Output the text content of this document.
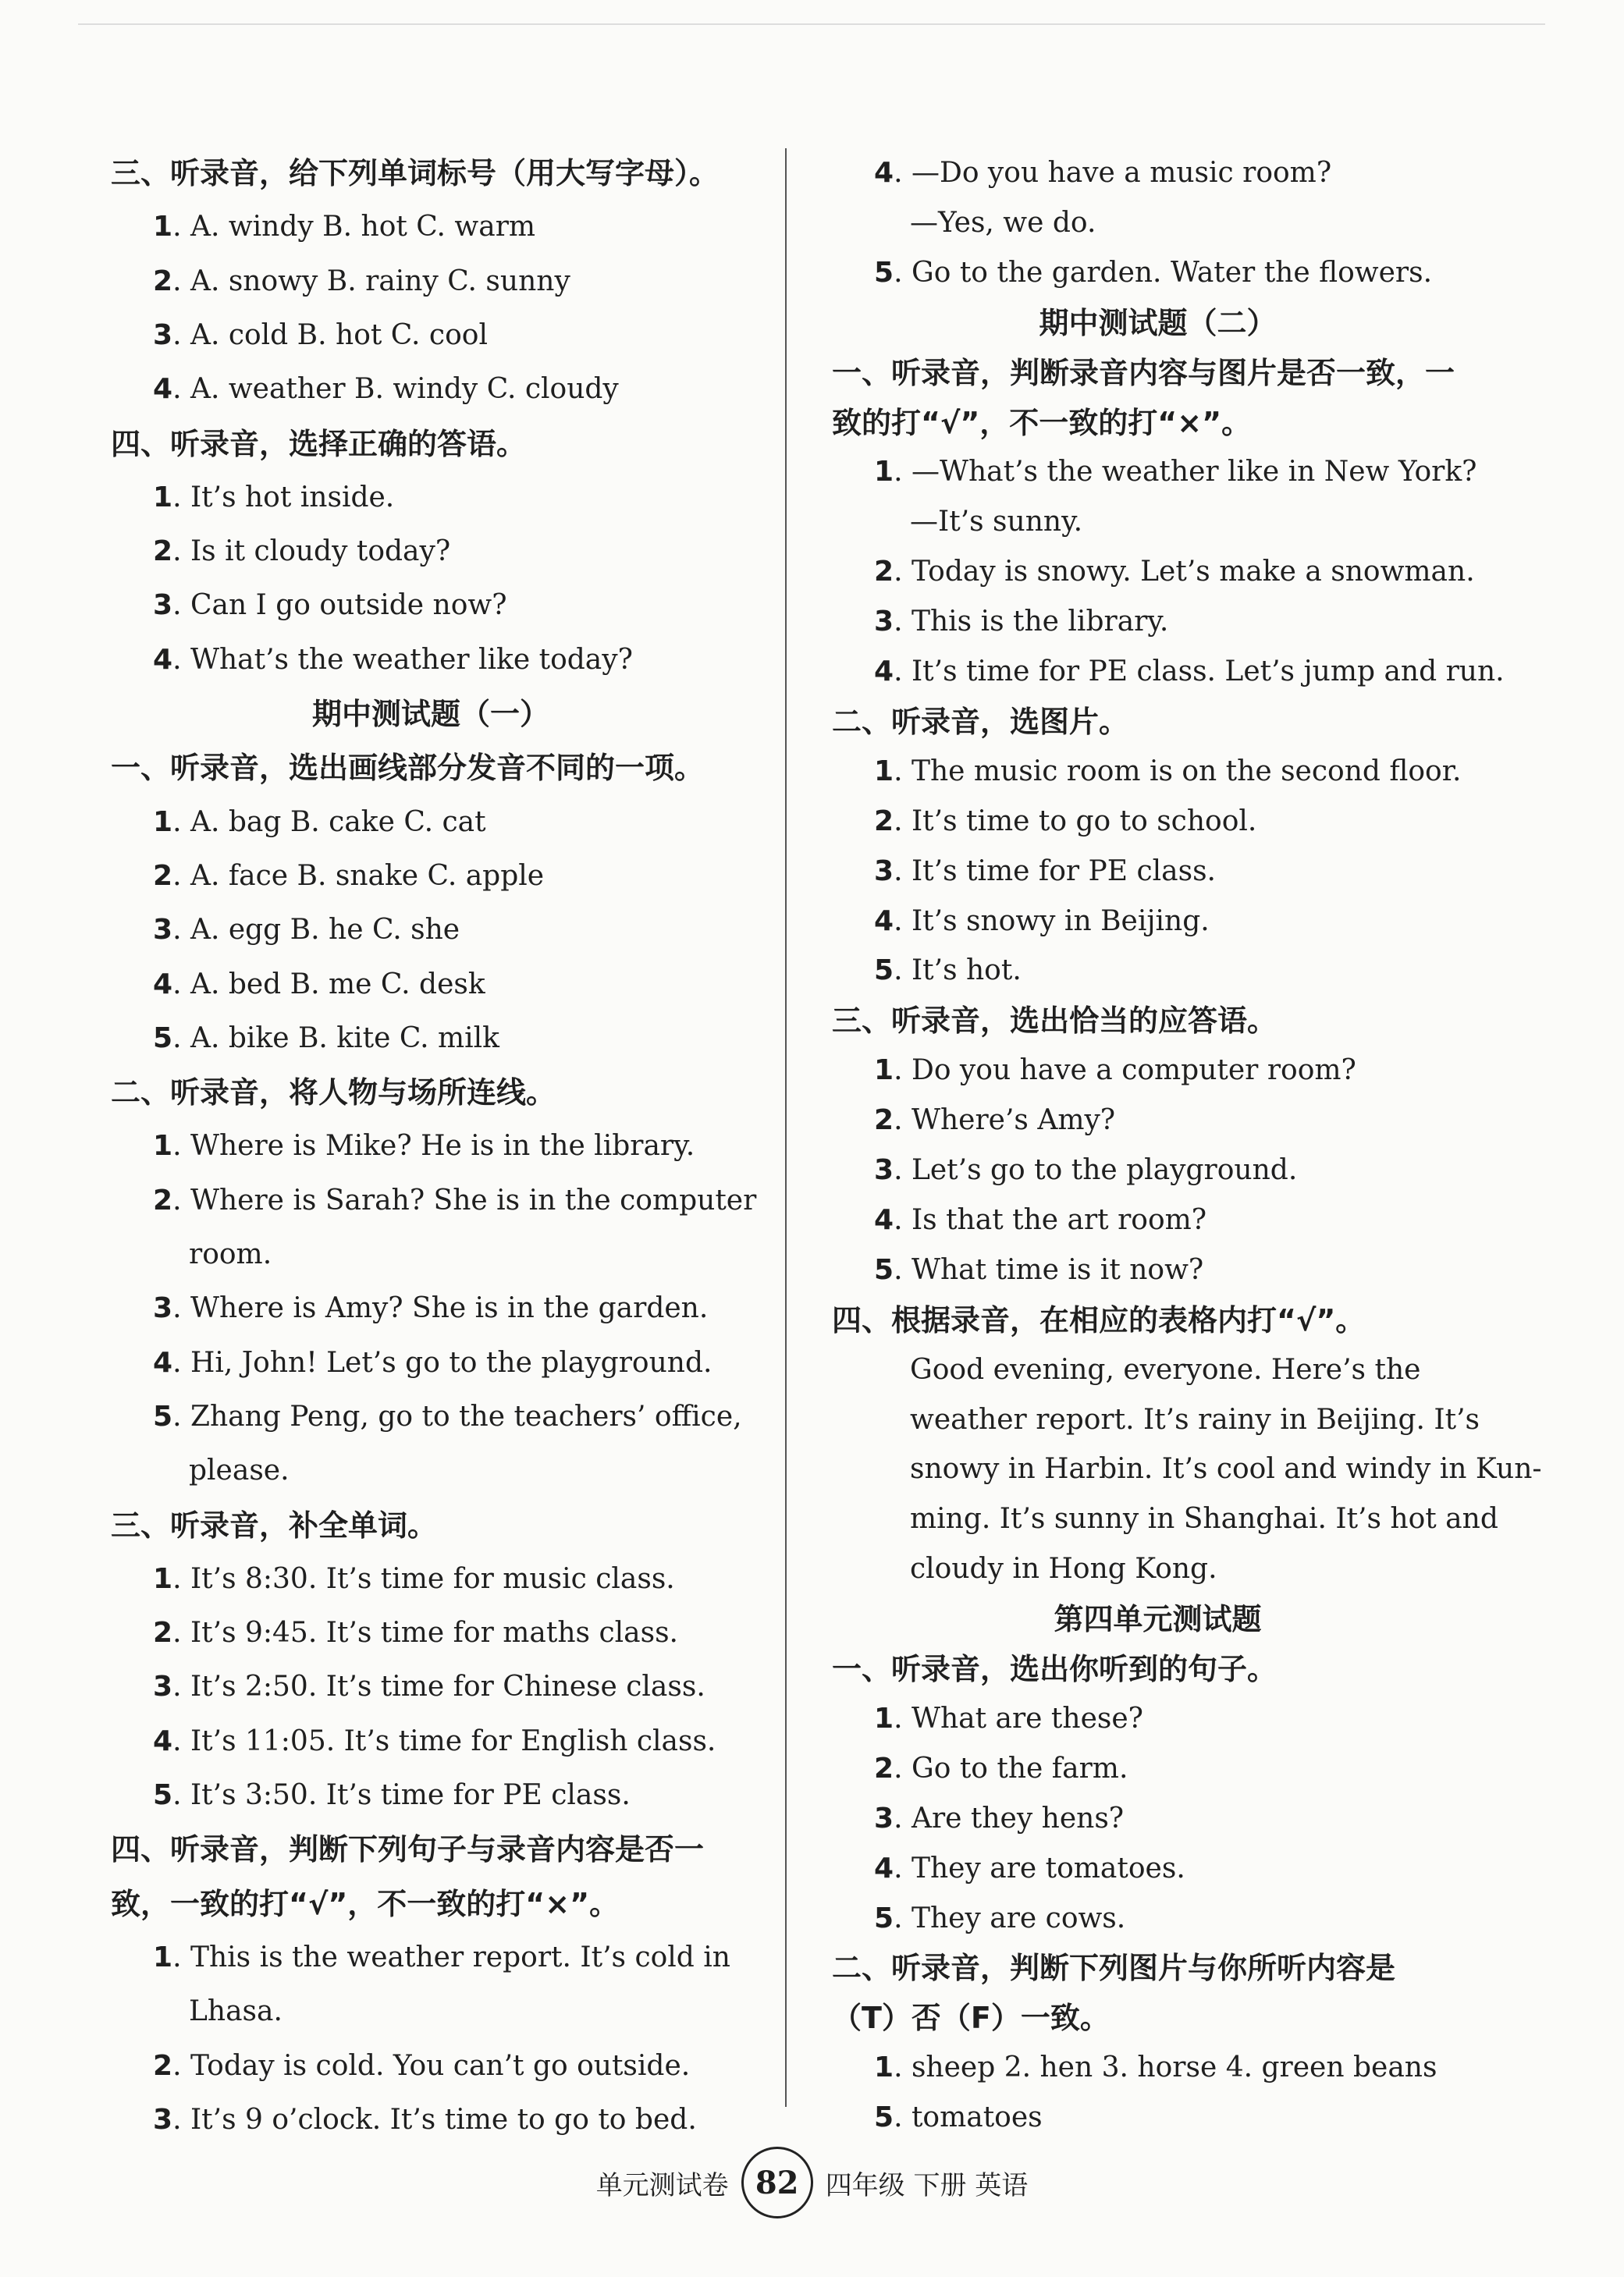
三、听录音，给下列单词标号（用大写字母）。
1. A. windy B. hot C. warm
2. A. snowy B. rainy C. sunny
3. A. cold B. hot C. cool
4. A. weather B. windy C. cloudy
四、听录音，选择正确的答语。
1. It’s hot inside.
2. Is it cloudy today?
3. Can I go outside now?
4. What’s the weather like today?
期中测试题（一）
一、听录音，选出画线部分发音不同的一项。
1. A. bag B. cake C. cat
2. A. face B. snake C. apple
3. A. egg B. he C. she
4. A. bed B. me C. desk
5. A. bike B. kite C. milk
二、听录音，将人物与场所连线。
1. Where is Mike? He is in the library.
2. Where is Sarah? She is in the computer
room.
3. Where is Amy? She is in the garden.
4. Hi, John! Let’s go to the playground.
5. Zhang Peng, go to the teachers’ office,
please.
三、听录音，补全单词。
1. It’s 8:30. It’s time for music class.
2. It’s 9:45. It’s time for maths class.
3. It’s 2:50. It’s time for Chinese class.
4. It’s 11:05. It’s time for English class.
5. It’s 3:50. It’s time for PE class.
四、听录音，判断下列句子与录音内容是否一
致，一致的打“√”，不一致的打“×”。
1. This is the weather report. It’s cold in
Lhasa.
2. Today is cold. You can’t go outside.
3. It’s 9 o’clock. It’s time to go to bed.
4. —Do you have a music room?
—Yes, we do.
5. Go to the garden. Water the flowers.
期中测试题（二）
一、听录音，判断录音内容与图片是否一致，一
致的打“√”，不一致的打“×”。
1. —What’s the weather like in New York?
—It’s sunny.
2. Today is snowy. Let’s make a snowman.
3. This is the library.
4. It’s time for PE class. Let’s jump and run.
二、听录音，选图片。
1. The music room is on the second floor.
2. It’s time to go to school.
3. It’s time for PE class.
4. It’s snowy in Beijing.
5. It’s hot.
三、听录音，选出恰当的应答语。
1. Do you have a computer room?
2. Where’s Amy?
3. Let’s go to the playground.
4. Is that the art room?
5. What time is it now?
四、根据录音，在相应的表格内打“√”。
Good evening, everyone. Here’s the
weather report. It’s rainy in Beijing. It’s
snowy in Harbin. It’s cool and windy in Kun-
ming. It’s sunny in Shanghai. It’s hot and
cloudy in Hong Kong.
第四单元测试题
一、听录音，选出你听到的句子。
1. What are these?
2. Go to the farm.
3. Are they hens?
4. They are tomatoes.
5. They are cows.
二、听录音，判断下列图片与你所听内容是
（T）否（F）一致。
1. sheep 2. hen 3. horse 4. green beans
5. tomatoes
单元测试卷 82	四年级 下册 英语
